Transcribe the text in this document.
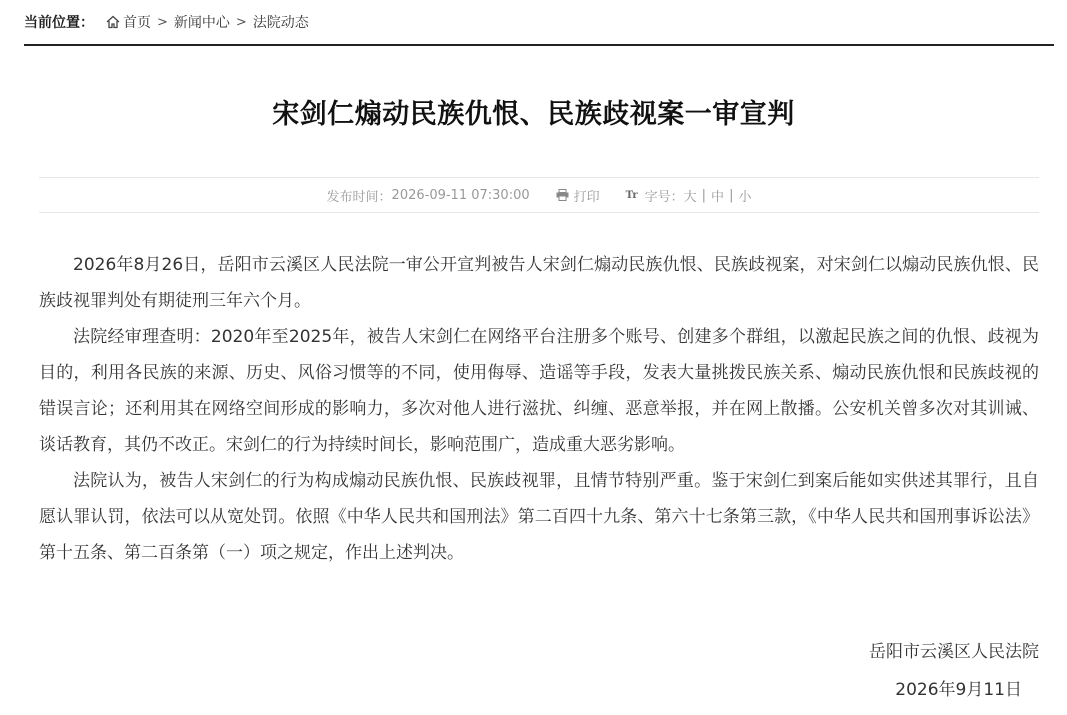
当前位置： 首页 > 新闻中心 > 法院动态
宋剑仁煽动民族仇恨、民族歧视案一审宣判
发布时间： 2026-09-11 07:30:00	打印	Tr 字号： 大 | 中 | 小

2026年8月26日，岳阳市云溪区人民法院一审公开宣判被告人宋剑仁煽动民族仇恨、民族歧视案，对宋剑仁以煽动民族仇恨、民族歧视罪判处有期徒刑三年六个月。

法院经审理查明：2020年至2025年，被告人宋剑仁在网络平台注册多个账号、创建多个群组，以激起民族之间的仇恨、歧视为目的，利用各民族的来源、历史、风俗习惯等的不同，使用侮辱、造谣等手段，发表大量挑拨民族关系、煽动民族仇恨和民族歧视的错误言论；还利用其在网络空间形成的影响力，多次对他人进行滋扰、纠缠、恶意举报，并在网上散播。公安机关曾多次对其训诫、谈话教育，其仍不改正。宋剑仁的行为持续时间长，影响范围广，造成重大恶劣影响。

法院认为，被告人宋剑仁的行为构成煽动民族仇恨、民族歧视罪，且情节特别严重。鉴于宋剑仁到案后能如实供述其罪行，且自愿认罪认罚，依法可以从宽处罚。依照《中华人民共和国刑法》第二百四十九条、第六十七条第三款，《中华人民共和国刑事诉讼法》第十五条、第二百条第（一）项之规定，作出上述判决。

岳阳市云溪区人民法院
2026年9月11日
